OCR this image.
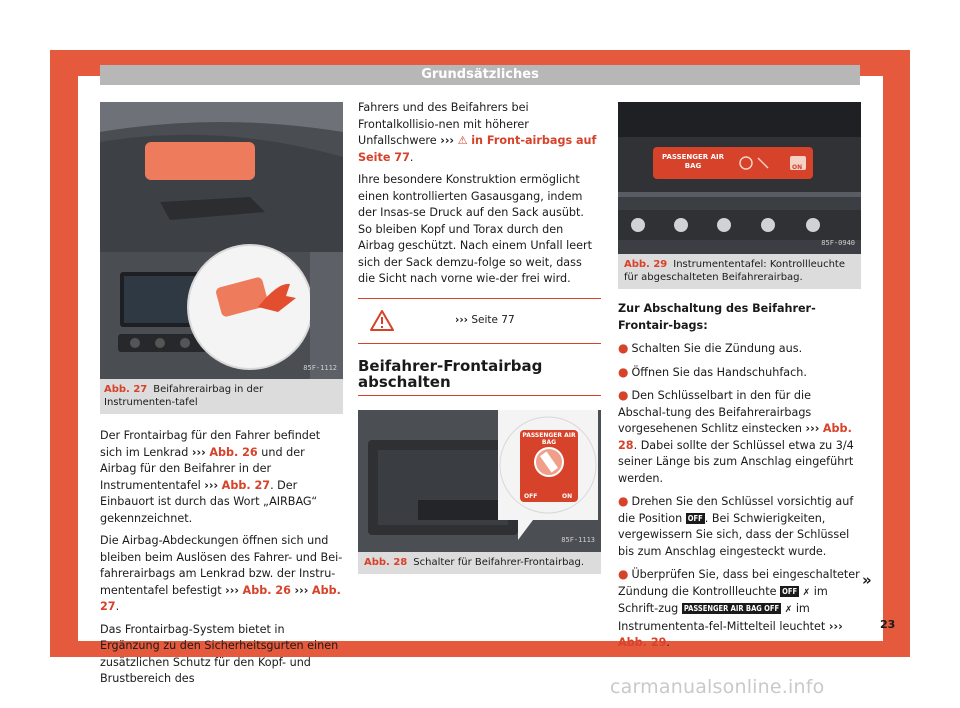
Grundsätzliches
85F-1112
Abb. 27 Beifahrerairbag in der Instrumenten-tafel

Der Frontairbag für den Fahrer befindet sich im Lenkrad ››› Abb. 26 und der Airbag für den Beifahrer in der Instrumententafel ››› Abb. 27. Der Einbauort ist durch das Wort „AIRBAG“ gekennzeichnet.

Die Airbag-Abdeckungen öffnen sich und bleiben beim Auslösen des Fahrer- und Bei-fahrerairbags am Lenkrad bzw. der Instru-mententafel befestigt ››› Abb. 26 ››› Abb. 27.

Das Frontairbag-System bietet in Ergänzung zu den Sicherheitsgurten einen zusätzlichen Schutz für den Kopf- und Brustbereich des

Fahrers und des Beifahrers bei Frontalkollisio-nen mit höherer Unfallschwere ››› ⚠ in Front-airbags auf Seite 77.

Ihre besondere Konstruktion ermöglicht einen kontrollierten Gasausgang, indem der Insas-se Druck auf den Sack ausübt. So bleiben Kopf und Torax durch den Airbag geschützt. Nach einem Unfall leert sich der Sack demzu-folge so weit, dass die Sicht nach vorne wie-der frei wird.

››› Seite 77
Beifahrer-Frontairbag abschalten
PASSENGER AIR BAG
OFF	ON
85F-1113
Abb. 28 Schalter für Beifahrer-Frontairbag.
PASSENGER AIR BAG	ON
85F-0940
Abb. 29 Instrumententafel: Kontrollleuchte für abgeschalteten Beifahrerairbag.

Zur Abschaltung des Beifahrer-Frontair-bags:

● Schalten Sie die Zündung aus.

● Öffnen Sie das Handschuhfach.

● Den Schlüsselbart in den für die Abschal-tung des Beifahrerairbags vorgesehenen Schlitz einstecken ››› Abb. 28. Dabei sollte der Schlüssel etwa zu 3/4 seiner Länge bis zum Anschlag eingeführt werden.

● Drehen Sie den Schlüssel vorsichtig auf die Position OFF . Bei Schwierigkeiten, vergewissern Sie sich, dass der Schlüssel bis zum Anschlag eingesteckt wurde.

● Überprüfen Sie, dass bei eingeschalteter Zündung die Kontrollleuchte OFF ✗ im Schrift-zug PASSENGER AIR BAG OFF ✗ im Instrumententa-fel-Mittelteil leuchtet ››› Abb. 29.

»
23
carmanualsonline.info
